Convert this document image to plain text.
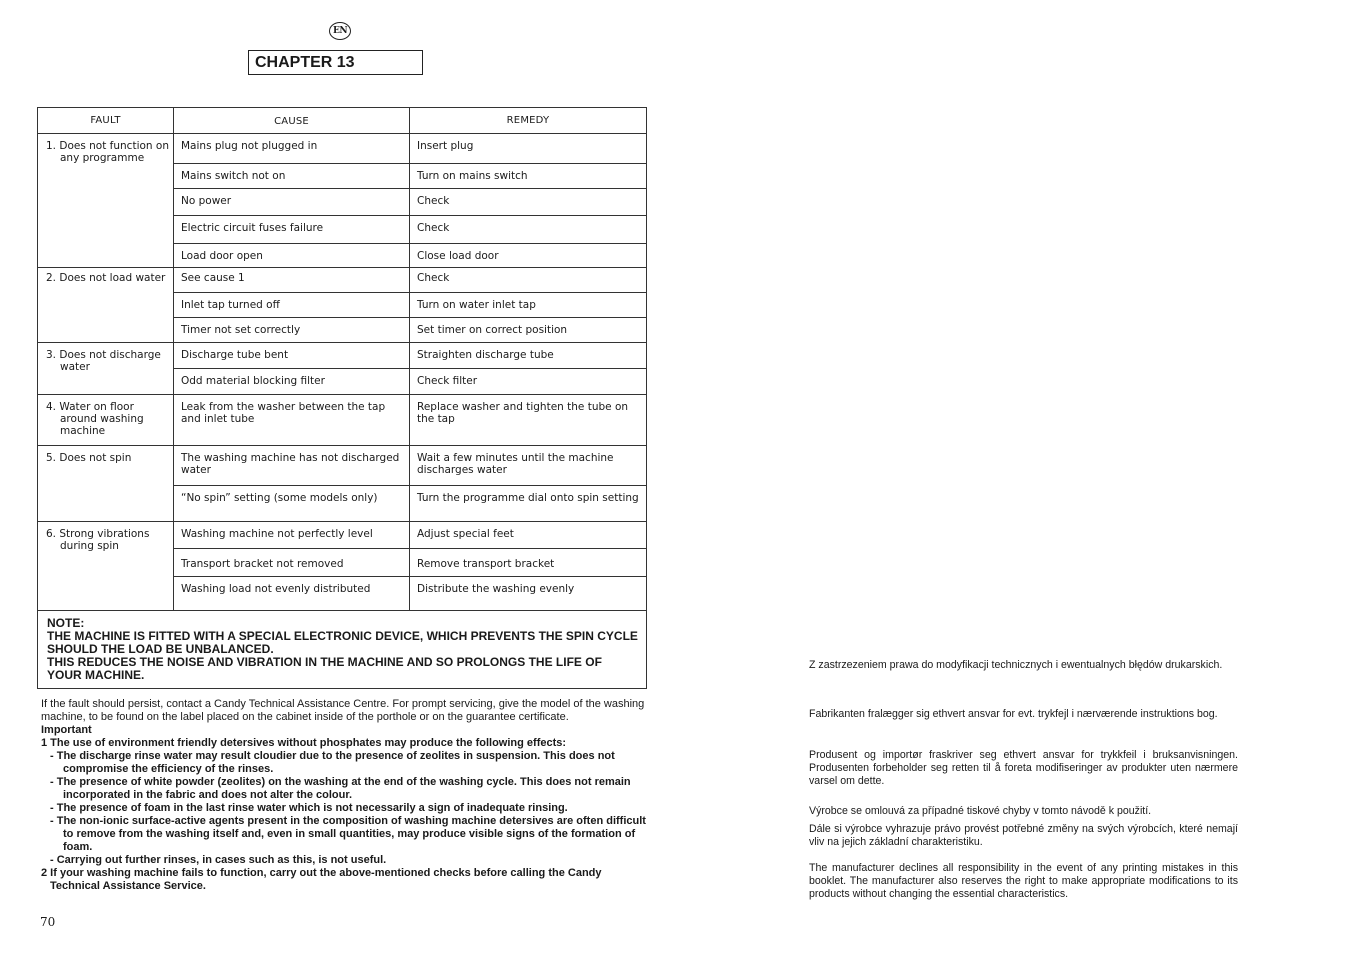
EN
CHAPTER 13
FAULT	CAUSE	REMEDY

1. Does not function on any programme	Mains plug not plugged in	Insert plug
	Mains switch not on	Turn on mains switch
	No power	Check
	Electric circuit fuses failure	Check
	Load door open	Close load door

2. Does not load water	See cause 1	Check
	Inlet tap turned off	Turn on water inlet tap
	Timer not set correctly	Set timer on correct position

3. Does not discharge water	Discharge tube bent	Straighten discharge tube
	Odd material blocking filter	Check filter

4. Water on floor around washing machine	Leak from the washer between the tap and inlet tube	Replace washer and tighten the tube on the tap

5. Does not spin	The washing machine has not discharged water	Wait a few minutes until the machine discharges water
	“No spin” setting (some models only)	Turn the programme dial onto spin setting

6. Strong vibrations during spin	Washing machine not perfectly level	Adjust special feet
	Transport bracket not removed	Remove transport bracket
	Washing load not evenly distributed	Distribute the washing evenly

NOTE:
THE MACHINE IS FITTED WITH A SPECIAL ELECTRONIC DEVICE, WHICH PREVENTS THE SPIN CYCLE SHOULD THE LOAD BE UNBALANCED.
THIS REDUCES THE NOISE AND VIBRATION IN THE MACHINE AND SO PROLONGS THE LIFE OF YOUR MACHINE.		
If the fault should persist, contact a Candy Technical Assistance Centre. For prompt servicing, give the model of the washing machine, to be found on the label placed on the cabinet inside of the porthole or on the guarantee certificate.
Important
1 The use of environment friendly detersives without phosphates may produce the following effects:
- The discharge rinse water may result cloudier due to the presence of zeolites in suspension. This does not compromise the efficiency of the rinses.
- The presence of white powder (zeolites) on the washing at the end of the washing cycle. This does not remain incorporated in the fabric and does not alter the colour.
- The presence of foam in the last rinse water which is not necessarily a sign of inadequate rinsing.
- The non-ionic surface-active agents present in the composition of washing machine detersives are often difficult to remove from the washing itself and, even in small quantities, may produce visible signs of the formation of foam.
- Carrying out further rinses, in cases such as this, is not useful.
2 If your washing machine fails to function, carry out the above-mentioned checks before calling the Candy Technical Assistance Service.
70
Z zastrzezeniem prawa do modyfikacji technicznych i ewentualnych błędów drukarskich.
Fabrikanten fralægger sig ethvert ansvar for evt. trykfejl i nærværende instruktions bog.
Produsent og importør fraskriver seg ethvert ansvar for trykkfeil i bruksanvisningen. Produsenten forbeholder seg retten til å foreta modifiseringer av produkter uten nærmere varsel om dette.
Výrobce se omlouvá za případné tiskové chyby v tomto návodě k použití.
Dále si výrobce vyhrazuje právo provést potřebné změny na svých výrobcích, které nemají vliv na jejich základní charakteristiku.
The manufacturer declines all responsibility in the event of any printing mistakes in this booklet. The manufacturer also reserves the right to make appropriate modifications to its products without changing the essential characteristics.
